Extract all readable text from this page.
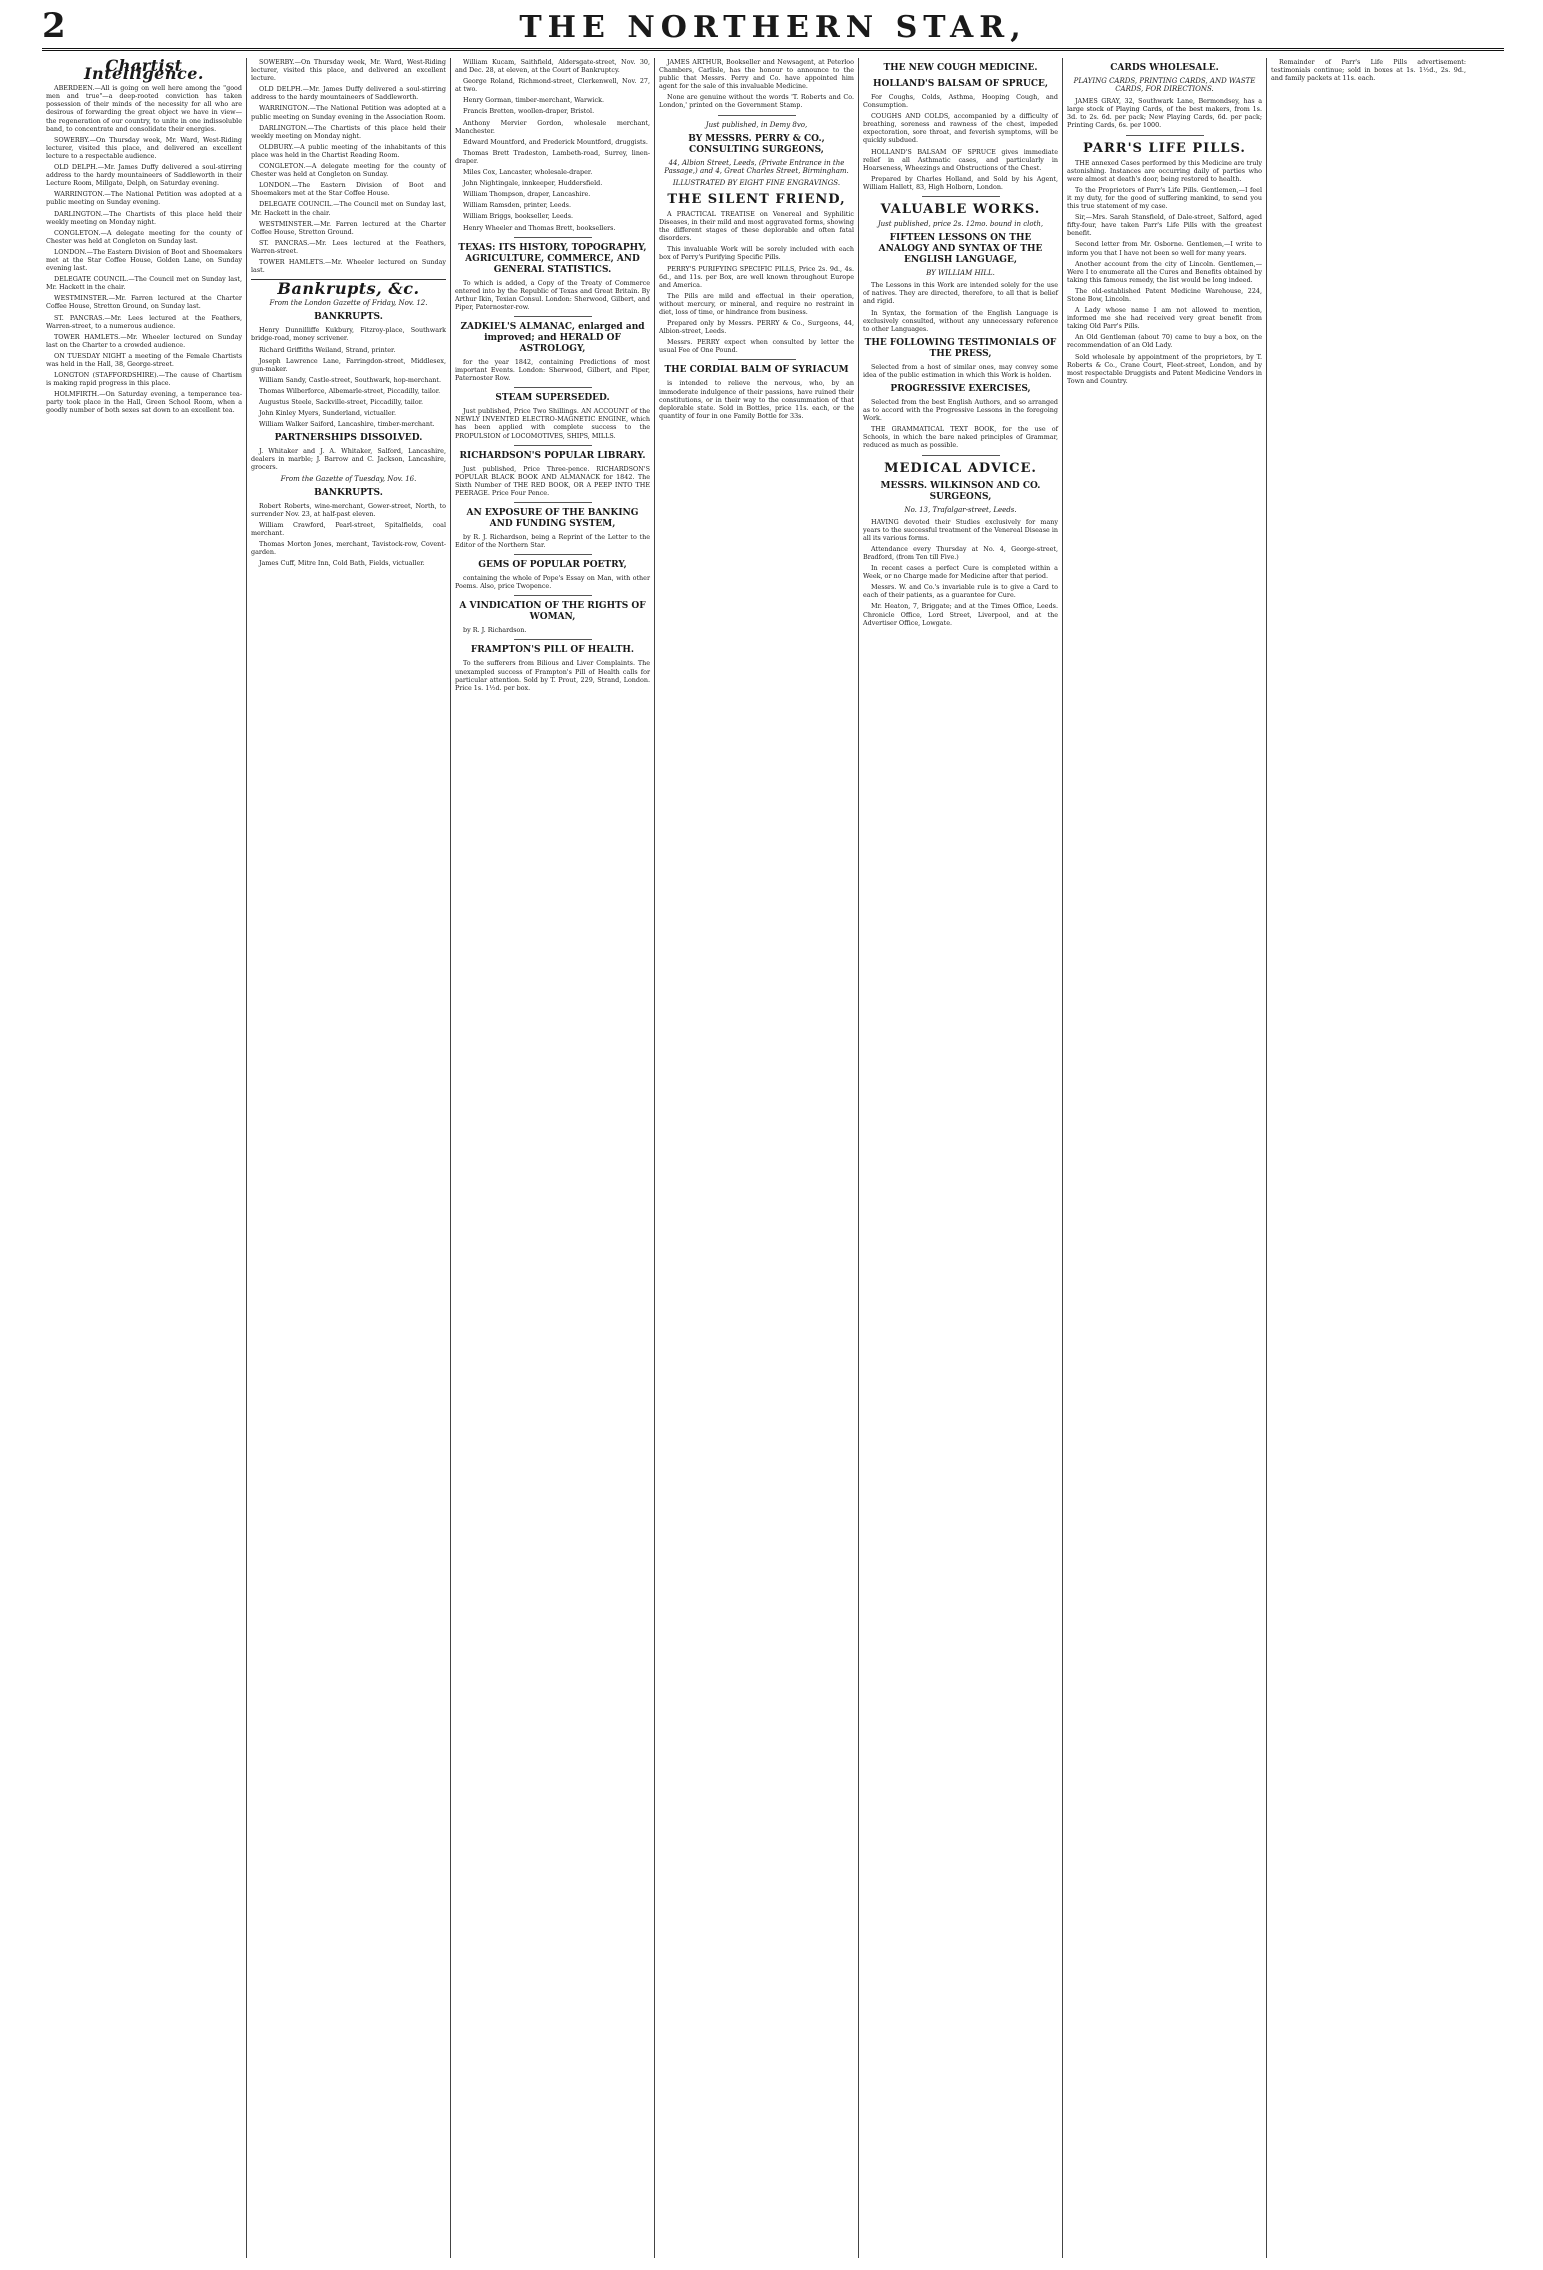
2	THE NORTHERN STAR,
Chartist Intelligence.

ABERDEEN.—All is going on well here among the "good men and true"—a deep-rooted conviction has taken possession of their minds of the necessity for all who are desirous of forwarding the great object we have in view—the regeneration of our country, to unite in one indissoluble band, to concentrate and consolidate their energies.

SOWERBY.—On Thursday week, Mr. Ward, West-Riding lecturer, visited this place, and delivered an excellent lecture to a respectable audience.

OLD DELPH.—Mr. James Duffy delivered a soul-stirring address to the hardy mountaineers of Saddleworth in their Lecture Room, Millgate, Delph, on Saturday evening.

WARRINGTON.—The National Petition was adopted at a public meeting on Sunday evening.

DARLINGTON.—The Chartists of this place held their weekly meeting on Monday night.

CONGLETON.—A delegate meeting for the county of Chester was held at Congleton on Sunday last.

LONDON.—The Eastern Division of Boot and Shoemakers met at the Star Coffee House, Golden Lane, on Sunday evening last.

DELEGATE COUNCIL.—The Council met on Sunday last, Mr. Hackett in the chair.

WESTMINSTER.—Mr. Farren lectured at the Charter Coffee House, Stretton Ground, on Sunday last.

ST. PANCRAS.—Mr. Lees lectured at the Feathers, Warren-street, to a numerous audience.

TOWER HAMLETS.—Mr. Wheeler lectured on Sunday last on the Charter to a crowded audience.

ON TUESDAY NIGHT a meeting of the Female Chartists was held in the Hall, 38, George-street.

LONGTON (STAFFORDSHIRE).—The cause of Chartism is making rapid progress in this place.

HOLMFIRTH.—On Saturday evening, a temperance tea-party took place in the Hall, Green School Room, when a goodly number of both sexes sat down to an excellent tea.

SOWERBY.—On Thursday week, Mr. Ward, West-Riding lecturer, visited this place, and delivered an excellent lecture.

OLD DELPH.—Mr. James Duffy delivered a soul-stirring address to the hardy mountaineers of Saddleworth.

WARRINGTON.—The National Petition was adopted at a public meeting on Sunday evening in the Association Room.

DARLINGTON.—The Chartists of this place held their weekly meeting on Monday night.

OLDBURY.—A public meeting of the inhabitants of this place was held in the Chartist Reading Room.

CONGLETON.—A delegate meeting for the county of Chester was held at Congleton on Sunday.

LONDON.—The Eastern Division of Boot and Shoemakers met at the Star Coffee House.

DELEGATE COUNCIL.—The Council met on Sunday last, Mr. Hackett in the chair.

WESTMINSTER.—Mr. Farren lectured at the Charter Coffee House, Stretton Ground.

ST. PANCRAS.—Mr. Lees lectured at the Feathers, Warren-street.

TOWER HAMLETS.—Mr. Wheeler lectured on Sunday last.

Bankrupts, &c.
From the London Gazette of Friday, Nov. 12.
BANKRUPTS.

Henry Dunnilliffe Kukbury, Fitzroy-place, Southwark bridge-road, money scrivener.

Richard Griffiths Weiland, Strand, printer.

Joseph Lawrence Lane, Farringdon-street, Middlesex, gun-maker.

William Sandy, Castle-street, Southwark, hop-merchant.

Thomas Wilberforce, Albemarle-street, Piccadilly, tailor.

Augustus Steele, Sackville-street, Piccadilly, tailor.

John Kinley Myers, Sunderland, victualler.

William Walker Saiford, Lancashire, timber-merchant.

PARTNERSHIPS DISSOLVED.

J. Whitaker and J. A. Whitaker, Salford, Lancashire, dealers in marble; J. Barrow and C. Jackson, Lancashire, grocers.

From the Gazette of Tuesday, Nov. 16.
BANKRUPTS.

Robert Roberts, wine-merchant, Gower-street, North, to surrender Nov. 23, at half-past eleven.

William Crawford, Pearl-street, Spitalfields, coal merchant.

Thomas Morton Jones, merchant, Tavistock-row, Covent-garden.

James Cuff, Mitre Inn, Cold Bath, Fields, victualler.

William Kucam, Saithfield, Aldersgate-street, Nov. 30, and Dec. 28, at eleven, at the Court of Bankruptcy.

George Roland, Richmond-street, Clerkenwell, Nov. 27, at two.

Henry Gorman, timber-merchant, Warwick.

Francis Bretten, woollen-draper, Bristol.

Anthony Mervier Gordon, wholesale merchant, Manchester.

Edward Mountford, and Frederick Mountford, druggists.

Thomas Brett Tradeston, Lambeth-road, Surrey, linen-draper.

Miles Cox, Lancaster, wholesale-draper.

John Nightingale, innkeeper, Huddersfield.

William Thompson, draper, Lancashire.

William Ramsden, printer, Leeds.

William Briggs, bookseller, Leeds.

Henry Wheeler and Thomas Brett, booksellers.

TEXAS: ITS HISTORY, TOPOGRAPHY, AGRICULTURE, COMMERCE, AND GENERAL STATISTICS.

To which is added, a Copy of the Treaty of Commerce entered into by the Republic of Texas and Great Britain. By Arthur Ikin, Texian Consul. London: Sherwood, Gilbert, and Piper, Paternoster-row.

ZADKIEL'S ALMANAC, enlarged and improved; and HERALD OF ASTROLOGY,

for the year 1842, containing Predictions of most important Events. London: Sherwood, Gilbert, and Piper, Paternoster Row.

STEAM SUPERSEDED.

Just published, Price Two Shillings. AN ACCOUNT of the NEWLY INVENTED ELECTRO-MAGNETIC ENGINE, which has been applied with complete success to the PROPULSION of LOCOMOTIVES, SHIPS, MILLS.

RICHARDSON'S POPULAR LIBRARY.

Just published, Price Three-pence. RICHARDSON'S POPULAR BLACK BOOK AND ALMANACK for 1842. The Sixth Number of THE RED BOOK, OR A PEEP INTO THE PEERAGE. Price Four Pence.

AN EXPOSURE OF THE BANKING AND FUNDING SYSTEM,

by R. J. Richardson, being a Reprint of the Letter to the Editor of the Northern Star.

GEMS OF POPULAR POETRY,

containing the whole of Pope's Essay on Man, with other Poems. Also, price Twopence.

A VINDICATION OF THE RIGHTS OF WOMAN,

by R. J. Richardson.

FRAMPTON'S PILL OF HEALTH.

To the sufferers from Bilious and Liver Complaints. The unexampled success of Frampton's Pill of Health calls for particular attention. Sold by T. Prout, 229, Strand, London. Price 1s. 1½d. per box.

JAMES ARTHUR, Bookseller and Newsagent, at Peterloo Chambers, Carlisle, has the honour to announce to the public that Messrs. Perry and Co. have appointed him agent for the sale of this invaluable Medicine.

None are genuine without the words 'T. Roberts and Co. London,' printed on the Government Stamp.

Just published, in Demy 8vo,
BY MESSRS. PERRY & CO., CONSULTING SURGEONS,
44, Albion Street, Leeds, (Private Entrance in the Passage,) and 4, Great Charles Street, Birmingham.
ILLUSTRATED BY EIGHT FINE ENGRAVINGS.
THE SILENT FRIEND,

A PRACTICAL TREATISE on Venereal and Syphilitic Diseases, in their mild and most aggravated forms, showing the different stages of these deplorable and often fatal disorders.

This invaluable Work will be sorely included with each box of Perry's Purifying Specific Pills.

PERRY'S PURIFYING SPECIFIC PILLS, Price 2s. 9d., 4s. 6d., and 11s. per Box, are well known throughout Europe and America.

The Pills are mild and effectual in their operation, without mercury, or mineral, and require no restraint in diet, loss of time, or hindrance from business.

Prepared only by Messrs. PERRY & Co., Surgeons, 44, Albion-street, Leeds.

Messrs. PERRY expect when consulted by letter the usual Fee of One Pound.

THE CORDIAL BALM OF SYRIACUM

is intended to relieve the nervous, who, by an immoderate indulgence of their passions, have ruined their constitutions, or in their way to the consummation of that deplorable state. Sold in Bottles, price 11s. each, or the quantity of four in one Family Bottle for 33s.

THE NEW COUGH MEDICINE.
HOLLAND'S BALSAM OF SPRUCE,

For Coughs, Colds, Asthma, Hooping Cough, and Consumption.

COUGHS AND COLDS, accompanied by a difficulty of breathing, soreness and rawness of the chest, impeded expectoration, sore throat, and feverish symptoms, will be quickly subdued.

HOLLAND'S BALSAM OF SPRUCE gives immediate relief in all Asthmatic cases, and particularly in Hoarseness, Wheezings and Obstructions of the Chest.

Prepared by Charles Holland, and Sold by his Agent, William Hallett, 83, High Holborn, London.

VALUABLE WORKS.
Just published, price 2s. 12mo. bound in cloth,
FIFTEEN LESSONS ON THE ANALOGY AND SYNTAX OF THE ENGLISH LANGUAGE,
BY WILLIAM HILL.

The Lessons in this Work are intended solely for the use of natives. They are directed, therefore, to all that is belief and rigid.

In Syntax, the formation of the English Language is exclusively consulted, without any unnecessary reference to other Languages.

THE FOLLOWING TESTIMONIALS OF THE PRESS,

Selected from a host of similar ones, may convey some idea of the public estimation in which this Work is holden.

PROGRESSIVE EXERCISES,

Selected from the best English Authors, and so arranged as to accord with the Progressive Lessons in the foregoing Work.

THE GRAMMATICAL TEXT BOOK, for the use of Schools, in which the bare naked principles of Grammar, reduced as much as possible.

MEDICAL ADVICE.
MESSRS. WILKINSON AND CO. SURGEONS,
No. 13, Trafalgar-street, Leeds.

HAVING devoted their Studies exclusively for many years to the successful treatment of the Venereal Disease in all its various forms.

Attendance every Thursday at No. 4, George-street, Bradford, (from Ten till Five.)

In recent cases a perfect Cure is completed within a Week, or no Charge made for Medicine after that period.

Messrs. W. and Co.'s invariable rule is to give a Card to each of their patients, as a guarantee for Cure.

Mr. Heaton, 7, Briggate; and at the Times Office, Leeds. Chronicle Office, Lord Street, Liverpool, and at the Advertiser Office, Lowgate.

CARDS WHOLESALE.
PLAYING CARDS, PRINTING CARDS, AND WASTE CARDS, FOR DIRECTIONS.

JAMES GRAY, 32, Southwark Lane, Bermondsey, has a large stock of Playing Cards, of the best makers, from 1s. 3d. to 2s. 6d. per pack; New Playing Cards, 6d. per pack; Printing Cards, 6s. per 1000.

PARR'S LIFE PILLS.

THE annexed Cases performed by this Medicine are truly astonishing. Instances are occurring daily of parties who were almost at death's door, being restored to health.

To the Proprietors of Parr's Life Pills. Gentlemen,—I feel it my duty, for the good of suffering mankind, to send you this true statement of my case.

Sir,—Mrs. Sarah Stansfield, of Dale-street, Salford, aged fifty-four, have taken Parr's Life Pills with the greatest benefit.

Second letter from Mr. Osborne. Gentlemen,—I write to inform you that I have not been so well for many years.

Another account from the city of Lincoln. Gentlemen,—Were I to enumerate all the Cures and Benefits obtained by taking this famous remedy, the list would be long indeed.

The old-established Patent Medicine Warehouse, 224, Stone Bow, Lincoln.

A Lady whose name I am not allowed to mention, informed me she had received very great benefit from taking Old Parr's Pills.

An Old Gentleman (about 70) came to buy a box, on the recommendation of an Old Lady.

Sold wholesale by appointment of the proprietors, by T. Roberts & Co., Crane Court, Fleet-street, London, and by most respectable Druggists and Patent Medicine Vendors in Town and Country.

Remainder of Parr's Life Pills advertisement: testimonials continue; sold in boxes at 1s. 1½d., 2s. 9d., and family packets at 11s. each.
